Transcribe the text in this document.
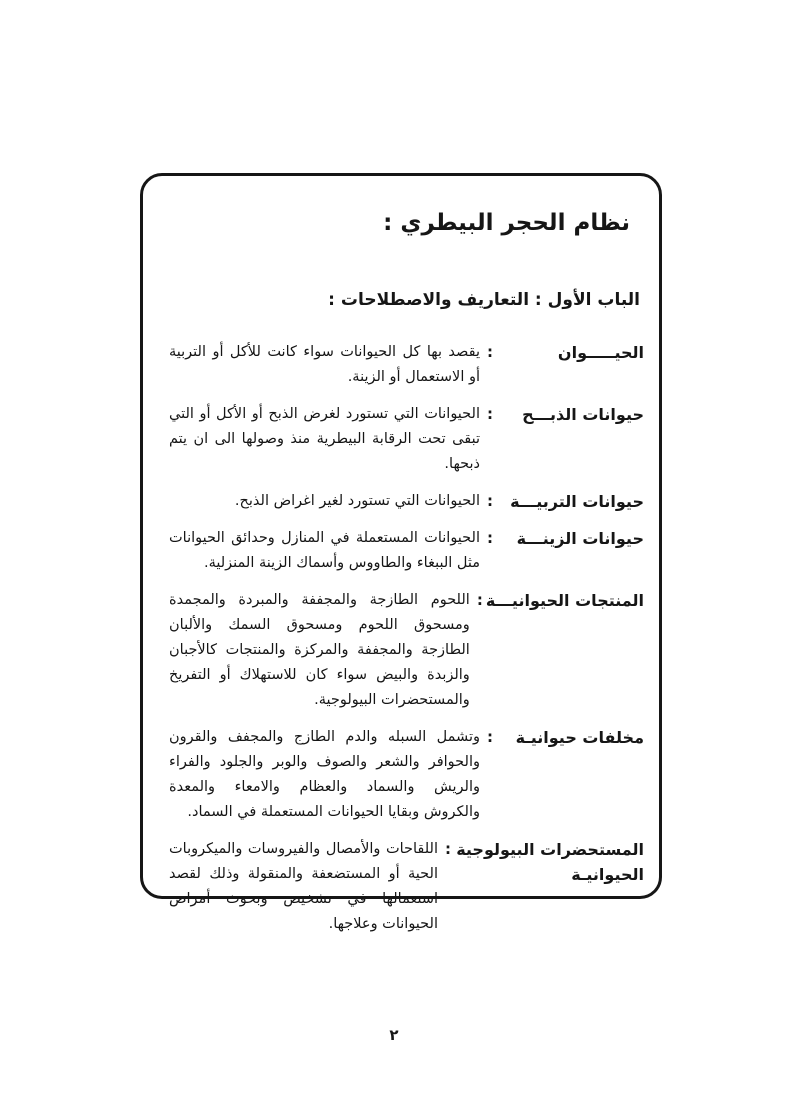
نظام الحجر البيطري :
الباب الأول : التعاريف والاصطلاحات :
الحيـــــوان
:
يقصد بها كل الحيوانات سواء كانت للأكل أو التربية أو الاستعمال أو الزينة.
حيوانات الذبـــح
:
الحيوانات التي تستورد لغرض الذبح أو الأكل أو التي تبقى تحت الرقابة البيطرية منذ وصولها الى ان يتم ذبحها.
حيوانات التربيـــة
:
الحيوانات التي تستورد لغير اغراض الذبح.
حيوانات الزينـــة
:
الحيوانات المستعملة في المنازل وحدائق الحيوانات مثل الببغاء والطاووس وأسماك الزينة المنزلية.
المنتجات الحيوانيـــة
:
اللحوم الطازجة والمجففة والمبردة والمجمدة ومسحوق اللحوم ومسحوق السمك والألبان الطازجة والمجففة والمركزة والمنتجات كالأجبان والزبدة والبيض سواء كان للاستهلاك أو التفريخ والمستحضرات البيولوجية.
مخلفات حيوانيـة
:
وتشمل السبله والدم الطازج والمجفف والقرون والحوافر والشعر والصوف والوبر والجلود والفراء والريش والسماد والعظام والامعاء والمعدة والكروش وبقايا الحيوانات المستعملة في السماد.
المستحضرات البيولوجية الحيوانيـة
:
اللقاحات والأمصال والفيروسات والميكروبات الحية أو المستضعفة والمنقولة وذلك لقصد استعمالها في تشخيص وبحوث أمراض الحيوانات وعلاجها.
٢
